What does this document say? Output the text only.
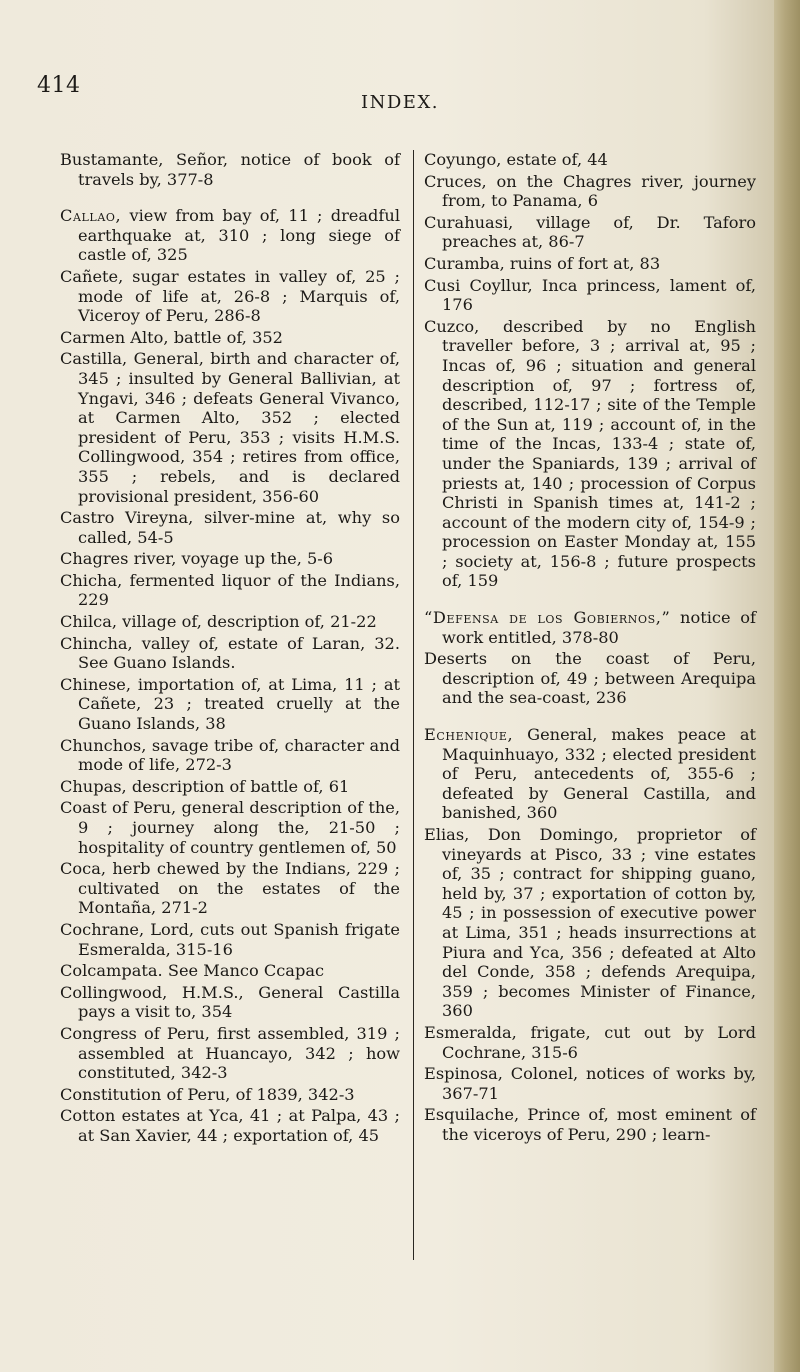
414
INDEX.

Bustamante, Señor, notice of book of travels by, 377-8

Callao, view from bay of, 11 ; dreadful earthquake at, 310 ; long siege of castle of, 325

Cañete, sugar estates in valley of, 25 ; mode of life at, 26-8 ; Marquis of, Viceroy of Peru, 286-8

Carmen Alto, battle of, 352

Castilla, General, birth and character of, 345 ; insulted by General Ballivian, at Yngavi, 346 ; defeats General Vivanco, at Carmen Alto, 352 ; elected president of Peru, 353 ; visits H.M.S. Collingwood, 354 ; retires from office, 355 ; rebels, and is declared provisional president, 356-60

Castro Vireyna, silver-mine at, why so called, 54-5

Chagres river, voyage up the, 5-6

Chicha, fermented liquor of the Indians, 229

Chilca, village of, description of, 21-22

Chincha, valley of, estate of Laran, 32. See Guano Islands.

Chinese, importation of, at Lima, 11 ; at Cañete, 23 ; treated cruelly at the Guano Islands, 38

Chunchos, savage tribe of, character and mode of life, 272-3

Chupas, description of battle of, 61

Coast of Peru, general description of the, 9 ; journey along the, 21-50 ; hospitality of country gentlemen of, 50

Coca, herb chewed by the Indians, 229 ; cultivated on the estates of the Montaña, 271-2

Cochrane, Lord, cuts out Spanish frigate Esmeralda, 315-16

Colcampata. See Manco Ccapac

Collingwood, H.M.S., General Castilla pays a visit to, 354

Congress of Peru, first assembled, 319 ; assembled at Huancayo, 342 ; how constituted, 342-3

Constitution of Peru, of 1839, 342-3

Cotton estates at Yca, 41 ; at Palpa, 43 ; at San Xavier, 44 ; exportation of, 45

Coyungo, estate of, 44

Cruces, on the Chagres river, journey from, to Panama, 6

Curahuasi, village of, Dr. Taforo preaches at, 86-7

Curamba, ruins of fort at, 83

Cusi Coyllur, Inca princess, lament of, 176

Cuzco, described by no English traveller before, 3 ; arrival at, 95 ; Incas of, 96 ; situation and general description of, 97 ; fortress of, described, 112-17 ; site of the Temple of the Sun at, 119 ; account of, in the time of the Incas, 133-4 ; state of, under the Spaniards, 139 ; arrival of priests at, 140 ; procession of Corpus Christi in Spanish times at, 141-2 ; account of the modern city of, 154-9 ; procession on Easter Monday at, 155 ; society at, 156-8 ; future prospects of, 159

“Defensa de los Gobiernos,” notice of work entitled, 378-80

Deserts on the coast of Peru, description of, 49 ; between Arequipa and the sea-coast, 236

Echenique, General, makes peace at Maquinhuayo, 332 ; elected president of Peru, antecedents of, 355-6 ; defeated by General Castilla, and banished, 360

Elias, Don Domingo, proprietor of vineyards at Pisco, 33 ; vine estates of, 35 ; contract for shipping guano, held by, 37 ; exportation of cotton by, 45 ; in possession of executive power at Lima, 351 ; heads insurrections at Piura and Yca, 356 ; defeated at Alto del Conde, 358 ; defends Arequipa, 359 ; becomes Minister of Finance, 360

Esmeralda, frigate, cut out by Lord Cochrane, 315-6

Espinosa, Colonel, notices of works by, 367-71

Esquilache, Prince of, most eminent of the viceroys of Peru, 290 ; learn-
